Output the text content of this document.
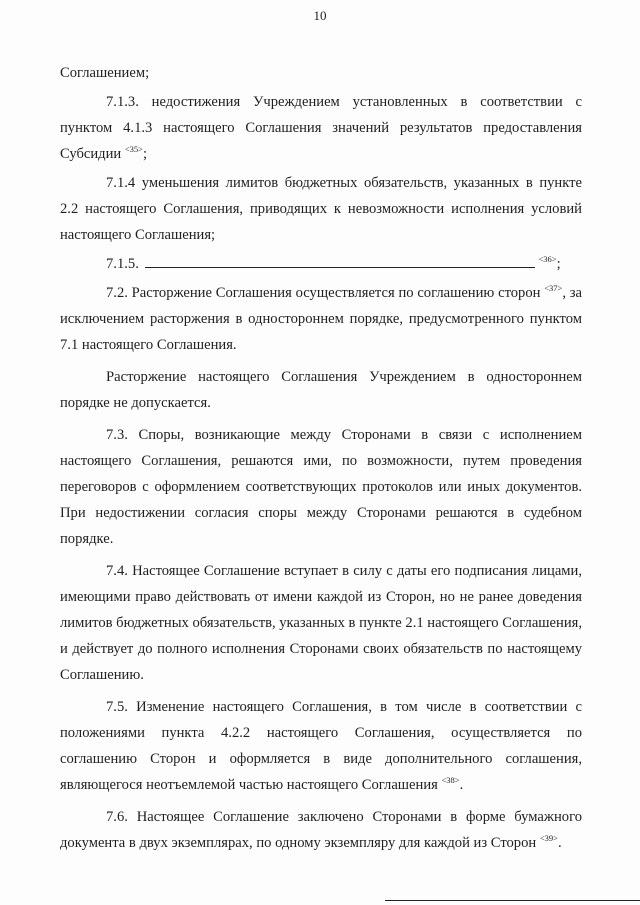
10

Соглашением;

7.1.3. недостижения Учреждением установленных в соответствии с пунктом 4.1.3 настоящего Соглашения значений результатов предоставления Субсидии $^{<35>}$;

7.1.4 уменьшения лимитов бюджетных обязательств, указанных в пункте 2.2 настоящего Соглашения, приводящих к невозможности исполнения условий настоящего Соглашения;

7.1.5.	$^{<36>}$;

7.2. Расторжение Соглашения осуществляется по соглашению сторон $^{<37>}$, за исключением расторжения в одностороннем порядке, предусмотренного пунктом 7.1 настоящего Соглашения.

Расторжение настоящего Соглашения Учреждением в одностороннем порядке не допускается.

7.3. Споры, возникающие между Сторонами в связи с исполнением настоящего Соглашения, решаются ими, по возможности, путем проведения переговоров с оформлением соответствующих протоколов или иных документов. При недостижении согласия споры между Сторонами решаются в судебном порядке.

7.4. Настоящее Соглашение вступает в силу с даты его подписания лицами, имеющими право действовать от имени каждой из Сторон, но не ранее доведения лимитов бюджетных обязательств, указанных в пункте 2.1 настоящего Соглашения, и действует до полного исполнения Сторонами своих обязательств по настоящему Соглашению.

7.5. Изменение настоящего Соглашения, в том числе в соответствии с положениями пункта 4.2.2 настоящего Соглашения, осуществляется по соглашению Сторон и оформляется в виде дополнительного соглашения, являющегося неотъемлемой частью настоящего Соглашения $^{<38>}$.

7.6. Настоящее Соглашение заключено Сторонами в форме бумажного документа в двух экземплярах, по одному экземпляру для каждой из Сторон $^{<39>}$.
